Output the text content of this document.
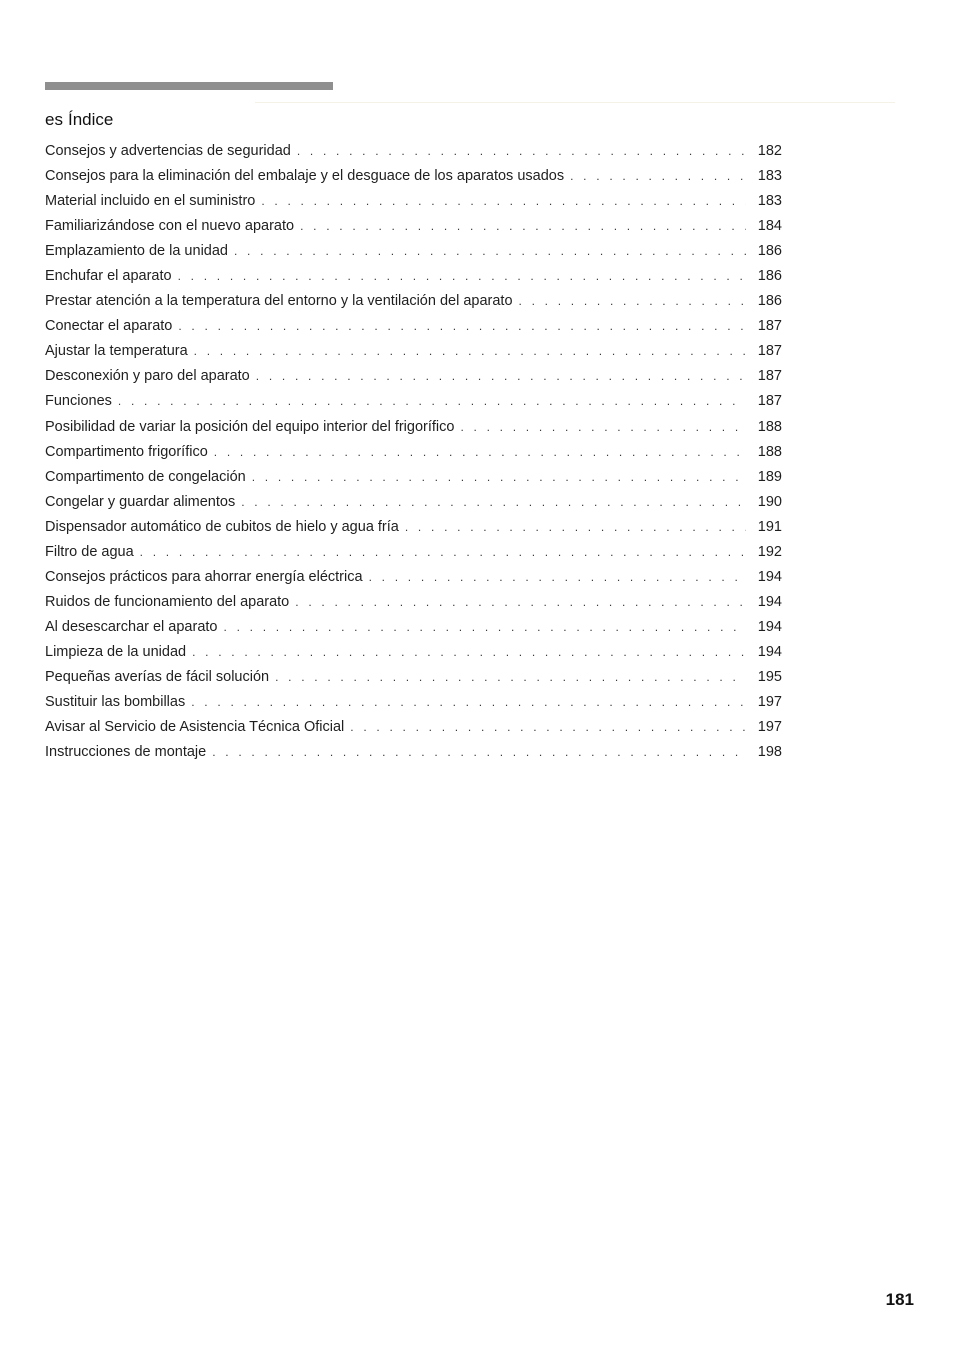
es Índice
Consejos y advertencias de seguridad . . .	182
Consejos para la eliminación del embalaje y el desguace de los aparatos usados . . .	183
Material incluido en el suministro . . .	183
Familiarizándose con el nuevo aparato . . .	184
Emplazamiento de la unidad . . .	186
Enchufar el aparato . . .	186
Prestar atención a la temperatura del entorno y la ventilación del aparato . . .	186
Conectar el aparato . . .	187
Ajustar la temperatura . . .	187
Desconexión y paro del aparato . . .	187
Funciones . . .	187
Posibilidad de variar la posición del equipo interior del frigorífico . . .	188
Compartimento frigorífico . . .	188
Compartimento de congelación . . .	189
Congelar y guardar alimentos . . .	190
Dispensador automático de cubitos de hielo y agua fría . . .	191
Filtro de agua . . .	192
Consejos prácticos para ahorrar energía eléctrica . . .	194
Ruidos de funcionamiento del aparato . . .	194
Al desescarchar el aparato . . .	194
Limpieza de la unidad . . .	194
Pequeñas averías de fácil solución . . .	195
Sustituir las bombillas . . .	197
Avisar al Servicio de Asistencia Técnica Oficial . . .	197
Instrucciones de montaje . . .	198
181
